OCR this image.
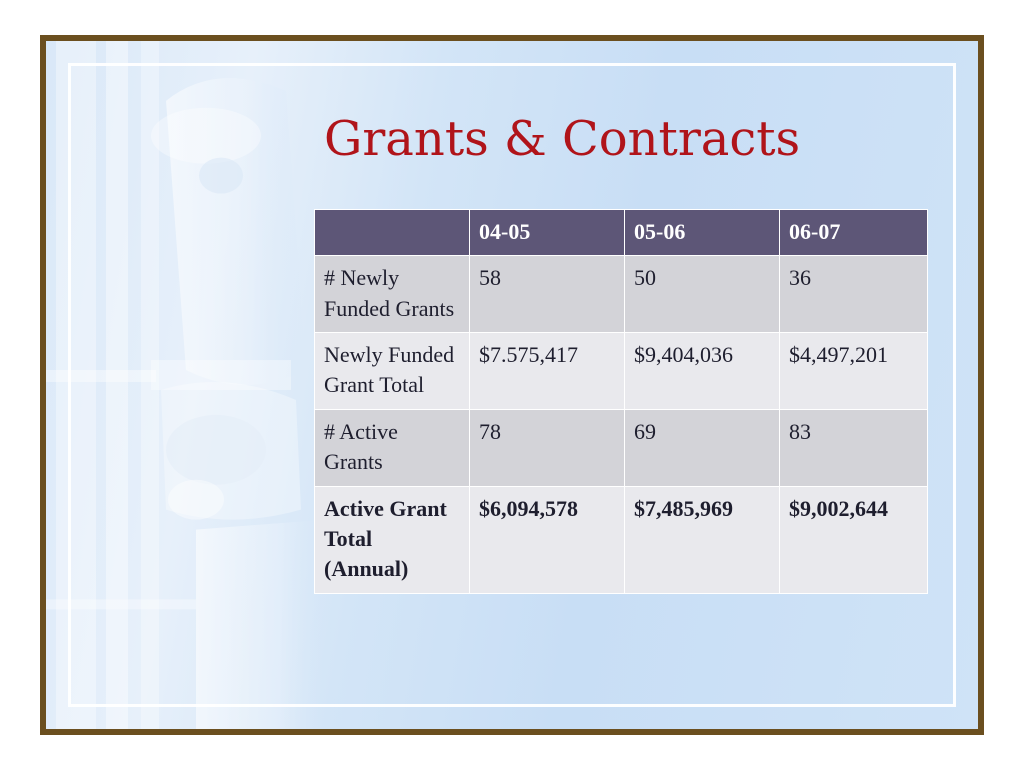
Grants & Contracts
	04-05	05-06	06-07
# Newly Funded Grants	58	50	36
Newly Funded Grant Total	$7.575,417	$9,404,036	$4,497,201
# Active Grants	78	69	83
Active Grant Total (Annual)	$6,094,578	$7,485,969	$9,002,644
